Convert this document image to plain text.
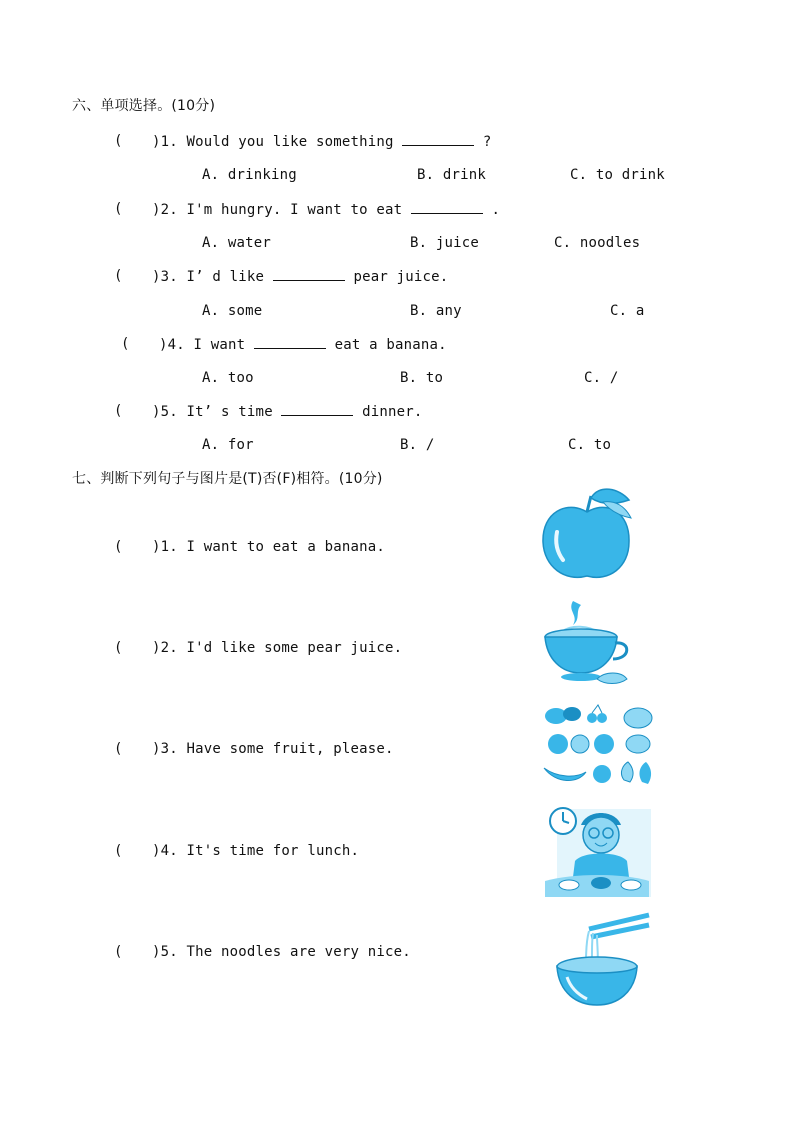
六、单项选择。(10分)
( )1. Would you like something	?
A. drinking	B. drink	C. to drink
( )2. I'm hungry. I want to eat	.
A. water	B. juice	C. noodles
( )3. I’ d like	pear juice.
A. some	B. any	C. a
( )4. I want	eat a banana.
A. too	B. to	C. /
( )5. It’ s time	dinner.
A. for	B. /	C. to
七、判断下列句子与图片是(T)否(F)相符。(10分)
( )1. I want to eat a banana.
( )2. I'd like some pear juice.
( )3. Have some fruit, please.
( )4. It's time for lunch.
( )5. The noodles are very nice.
